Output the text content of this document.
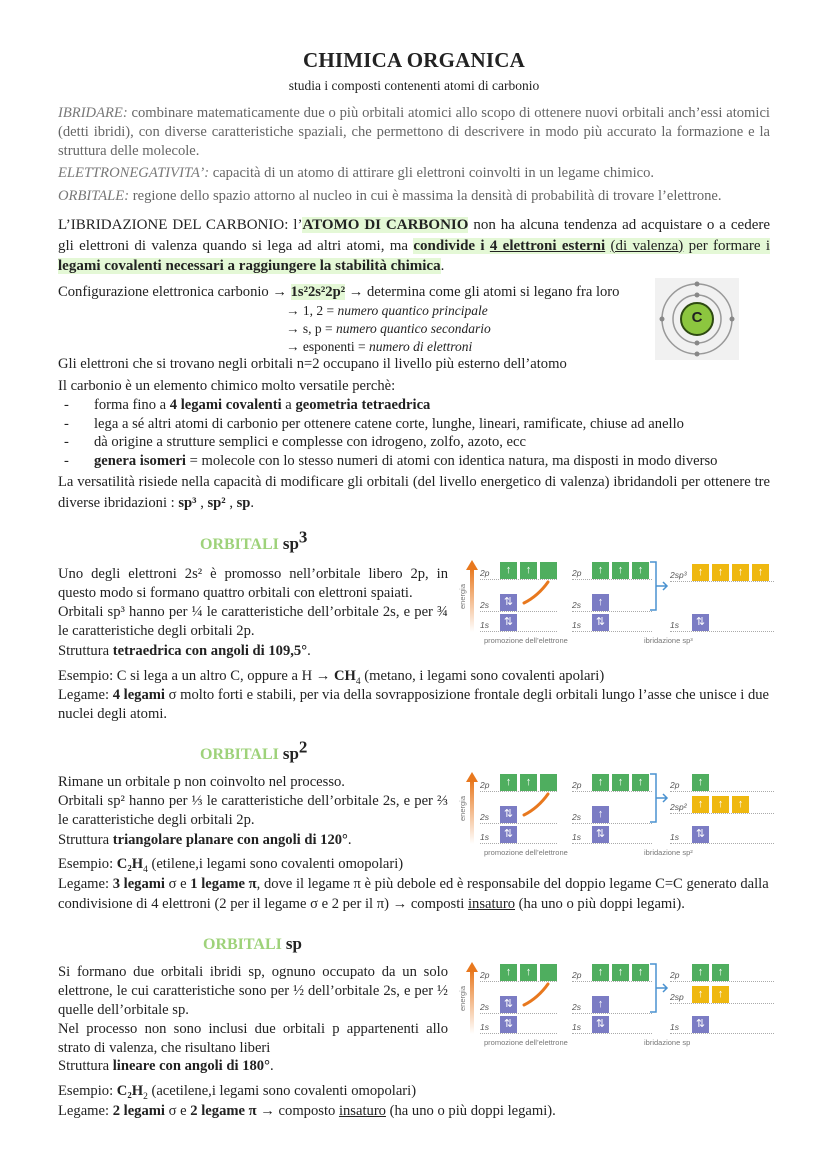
CHIMICA ORGANICA
studia i composti contenenti atomi di carbonio
IBRIDARE: combinare matematicamente due o più orbitali atomici allo scopo di ottenere nuovi orbitali anch’essi atomici (detti ibridi), con diverse caratteristiche spaziali, che permettono di descrivere in modo più accurato la formazione e la struttura delle molecole.
ELETTRONEGATIVITA’: capacità di un atomo di attirare gli elettroni coinvolti in un legame chimico.
ORBITALE: regione dello spazio attorno al nucleo in cui è massima la densità di probabilità di trovare l’elettrone.
L’IBRIDAZIONE DEL CARBONIO: l’ATOMO DI CARBONIO non ha alcuna tendenza ad acquistare o a cedere gli elettroni di valenza quando si lega ad altri atomi, ma condivide i 4 elettroni esterni (di valenza) per formare i legami covalenti necessari a raggiungere la stabilità chimica.
Configurazione elettronica carbonio → 1s²2s²2p² → determina come gli atomi si legano fra loro
→ 1, 2 = numero quantico principale
→ s, p = numero quantico secondario
→ esponenti = numero di elettroni
C
Gli elettroni che si trovano negli orbitali n=2 occupano il livello più esterno dell’atomo
Il carbonio è un elemento chimico molto versatile perchè:
-	forma fino a 4 legami covalenti a geometria tetraedrica
-	lega a sé altri atomi di carbonio per ottenere catene corte, lunghe, lineari, ramificate, chiuse ad anello
-	dà origine a strutture semplici e complesse con idrogeno, zolfo, azoto, ecc
-	genera isomeri = molecole con lo stesso numeri di atomi con identica natura, ma disposti in modo diverso
La versatilità risiede nella capacità di modificare gli orbitali (del livello energetico di valenza) ibridandoli per ottenere tre diverse ibridazioni : sp³ , sp² , sp.
ORBITALI $sp^3$
Uno degli elettroni 2s² è promosso nell’orbitale libero 2p, in questo modo si formano quattro orbitali con elettroni spaiati.
Orbitali sp³ hanno per ¼ le caratteristiche dell’orbitale 2s, e per ¾ le caratteristiche degli orbitali 2p.
Struttura tetraedrica con angoli di 109,5°.
Esempio: C si lega a un altro C, oppure a $H \to CH_4$ (metano, i legami sono covalenti apolari)
Legame: 4 legami σ molto forti e stabili, per via della sovrapposizione frontale degli orbitali lungo l’asse che unisce i due nuclei degli atomi.
2p	↑	↑
2s	⇅
1s	⇅
2p	↑	↑	↑
2s	↑
1s	⇅
2sp³	↑	↑	↑	↑
1s	⇅
energia
promozione dell’elettrone	ibridazione sp³
ORBITALI $sp^2$
Rimane un orbitale p non coinvolto nel processo.
Orbitali sp² hanno per ⅓ le caratteristiche dell’orbitale 2s, e per ⅔ le caratteristiche degli orbitali 2p.
Struttura triangolare planare con angoli di 120°.
Esempio: $C_2H_4$ (etilene,i legami sono covalenti omopolari)
Legame: 3 legami σ e 1 legame π, dove il legame π è più debole ed è responsabile del doppio legame C=C generato dalla condivisione di 4 elettroni (2 per il legame σ e 2 per il π) → composti insaturo (ha uno o più doppi legami).
2p	↑	↑
2s	⇅
1s	⇅
2p	↑	↑	↑
2s	↑
1s	⇅
2p	↑
2sp²	↑	↑	↑
1s	⇅
energia
promozione dell’elettrone	ibridazione sp²
ORBITALI sp
Si formano due orbitali ibridi sp, ognuno occupato da un solo elettrone, le cui caratteristiche sono per ½ dell’orbitale 2s, e per ½ quelle dell’orbitale sp.
Nel processo non sono inclusi due orbitali p appartenenti allo strato di valenza, che risultano liberi
Struttura lineare con angoli di 180°.
Esempio: $C_2H_2$ (acetilene,i legami sono covalenti omopolari)
Legame: 2 legami σ e 2 legame π → composto insaturo (ha uno o più doppi legami).
2p	↑	↑
2s	⇅
1s	⇅
2p	↑	↑	↑
2s	↑
1s	⇅
2p	↑	↑
2sp	↑	↑
1s	⇅
energia
promozione dell’elettrone	ibridazione sp
